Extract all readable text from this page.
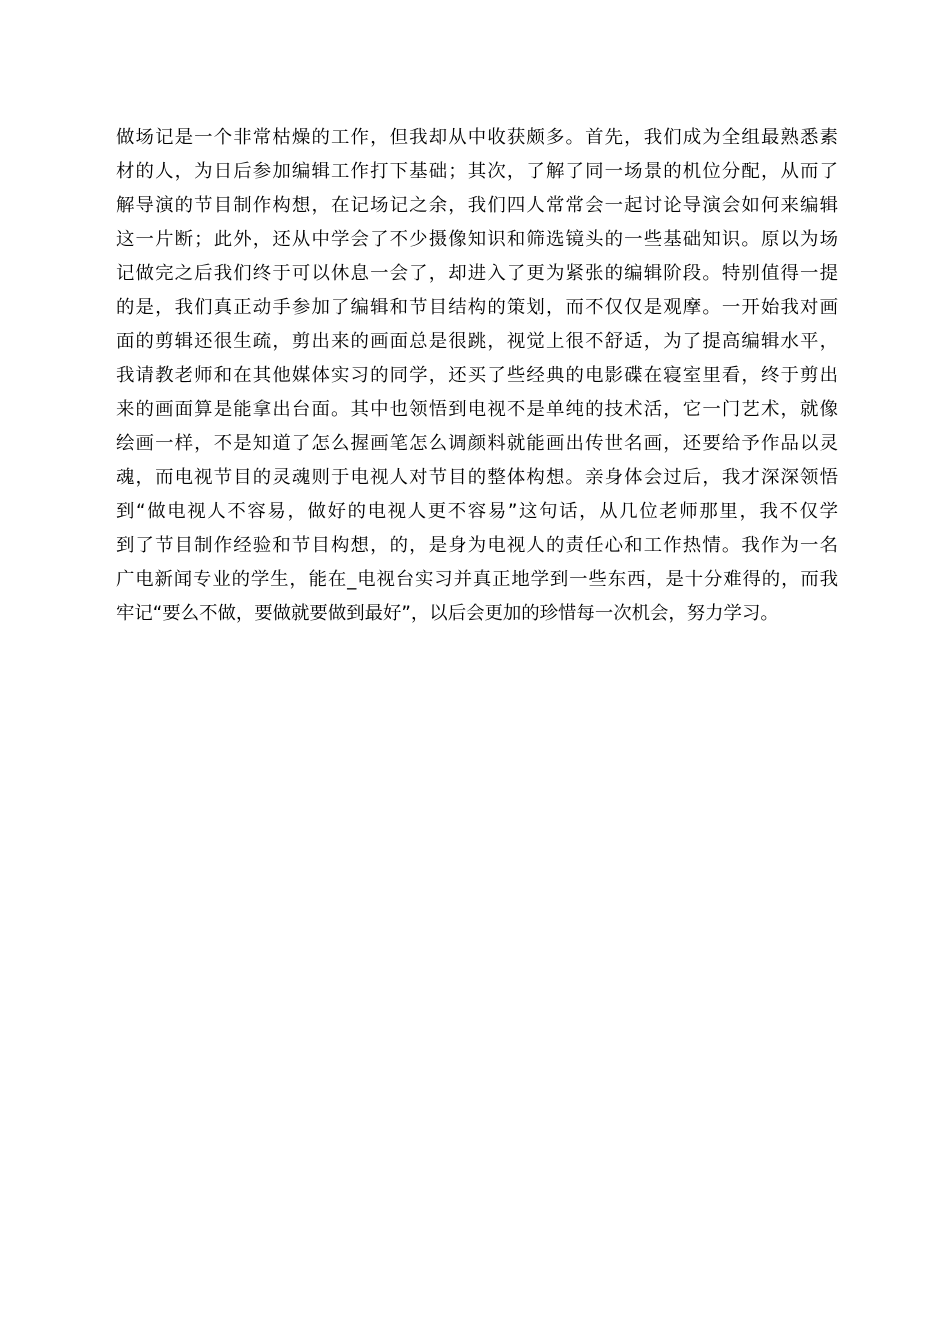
做场记是一个非常枯燥的工作，但我却从中收获颇多。首先，我们成为全组最熟悉素
材的人，为日后参加编辑工作打下基础；其次，了解了同一场景的机位分配，从而了
解导演的节目制作构想，在记场记之余，我们四人常常会一起讨论导演会如何来编辑
这一片断；此外，还从中学会了不少摄像知识和筛选镜头的一些基础知识。原以为场
记做完之后我们终于可以休息一会了，却进入了更为紧张的编辑阶段。特别值得一提
的是，我们真正动手参加了编辑和节目结构的策划，而不仅仅是观摩。一开始我对画
面的剪辑还很生疏，剪出来的画面总是很跳，视觉上很不舒适，为了提高编辑水平，
我请教老师和在其他媒体实习的同学，还买了些经典的电影碟在寝室里看，终于剪出
来的画面算是能拿出台面。其中也领悟到电视不是单纯的技术活，它一门艺术，就像
绘画一样，不是知道了怎么握画笔怎么调颜料就能画出传世名画，还要给予作品以灵
魂，而电视节目的灵魂则于电视人对节目的整体构想。亲身体会过后，我才深深领悟
到“做电视人不容易，做好的电视人更不容易”这句话，从几位老师那里，我不仅学
到了节目制作经验和节目构想，的，是身为电视人的责任心和工作热情。我作为一名
广电新闻专业的学生，能在_电视台实习并真正地学到一些东西，是十分难得的，而我
牢记“要么不做，要做就要做到最好”，以后会更加的珍惜每一次机会，努力学习。
